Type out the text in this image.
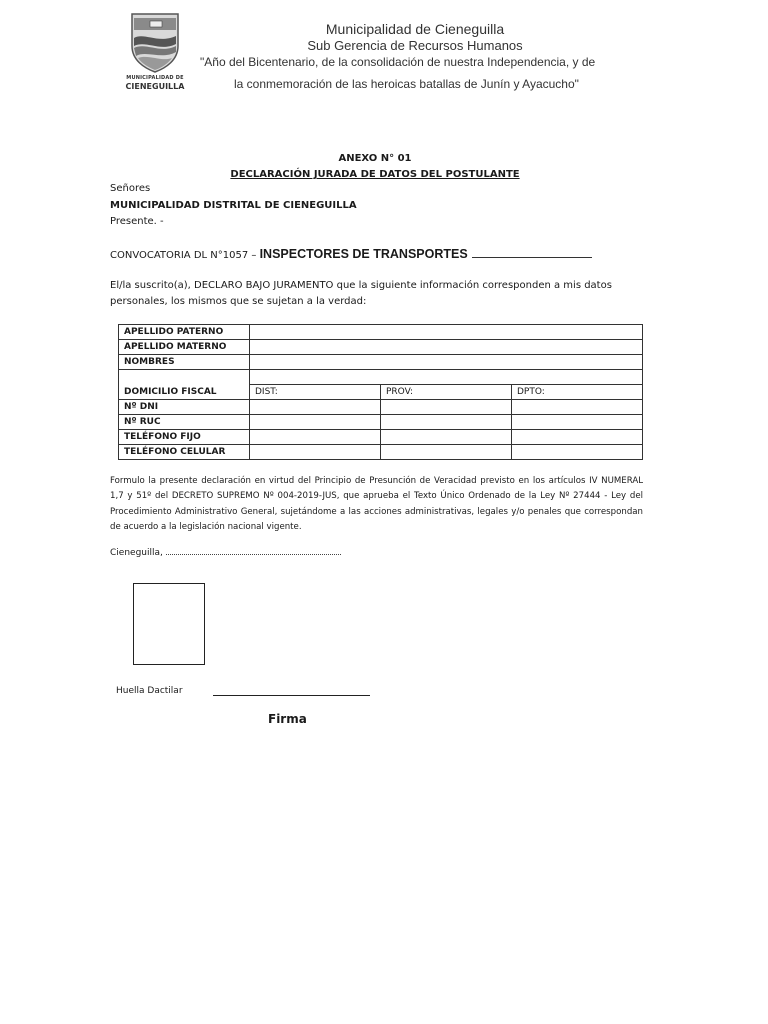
MUNICIPALIDAD DE
CIENEGUILLA
Municipalidad de Cieneguilla
Sub Gerencia de Recursos Humanos
"Año del Bicentenario, de la consolidación de nuestra Independencia, y de
la conmemoración de las heroicas batallas de Junín y Ayacucho"
ANEXO N° 01
DECLARACIÓN JURADA DE DATOS DEL POSTULANTE
Señores
MUNICIPALIDAD DISTRITAL DE CIENEGUILLA
Presente. -
CONVOCATORIA DL N°1057 – INSPECTORES DE TRANSPORTES
El/la suscrito(a), DECLARO BAJO JURAMENTO que la siguiente información corresponden a mis datos
personales, los mismos que se sujetan a la verdad:
APELLIDO PATERNO			
APELLIDO MATERNO			
NOMBRES			

DOMICILIO FISCAL	DIST:	PROV:	DPTO:
Nº DNI			
Nº RUC			
TELÉFONO FIJO			
TELÉFONO CELULAR			
Formulo la presente declaración en virtud del Principio de Presunción de Veracidad previsto en los artículos IV NUMERAL 1,7 y 51º del DECRETO SUPREMO Nº 004-2019-JUS, que aprueba el Texto Único Ordenado de la Ley Nº 27444 - Ley del Procedimiento Administrativo General, sujetándome a las acciones administrativas, legales y/o penales que correspondan de acuerdo a la legislación nacional vigente.
Cieneguilla,
Huella Dactilar
Firma
